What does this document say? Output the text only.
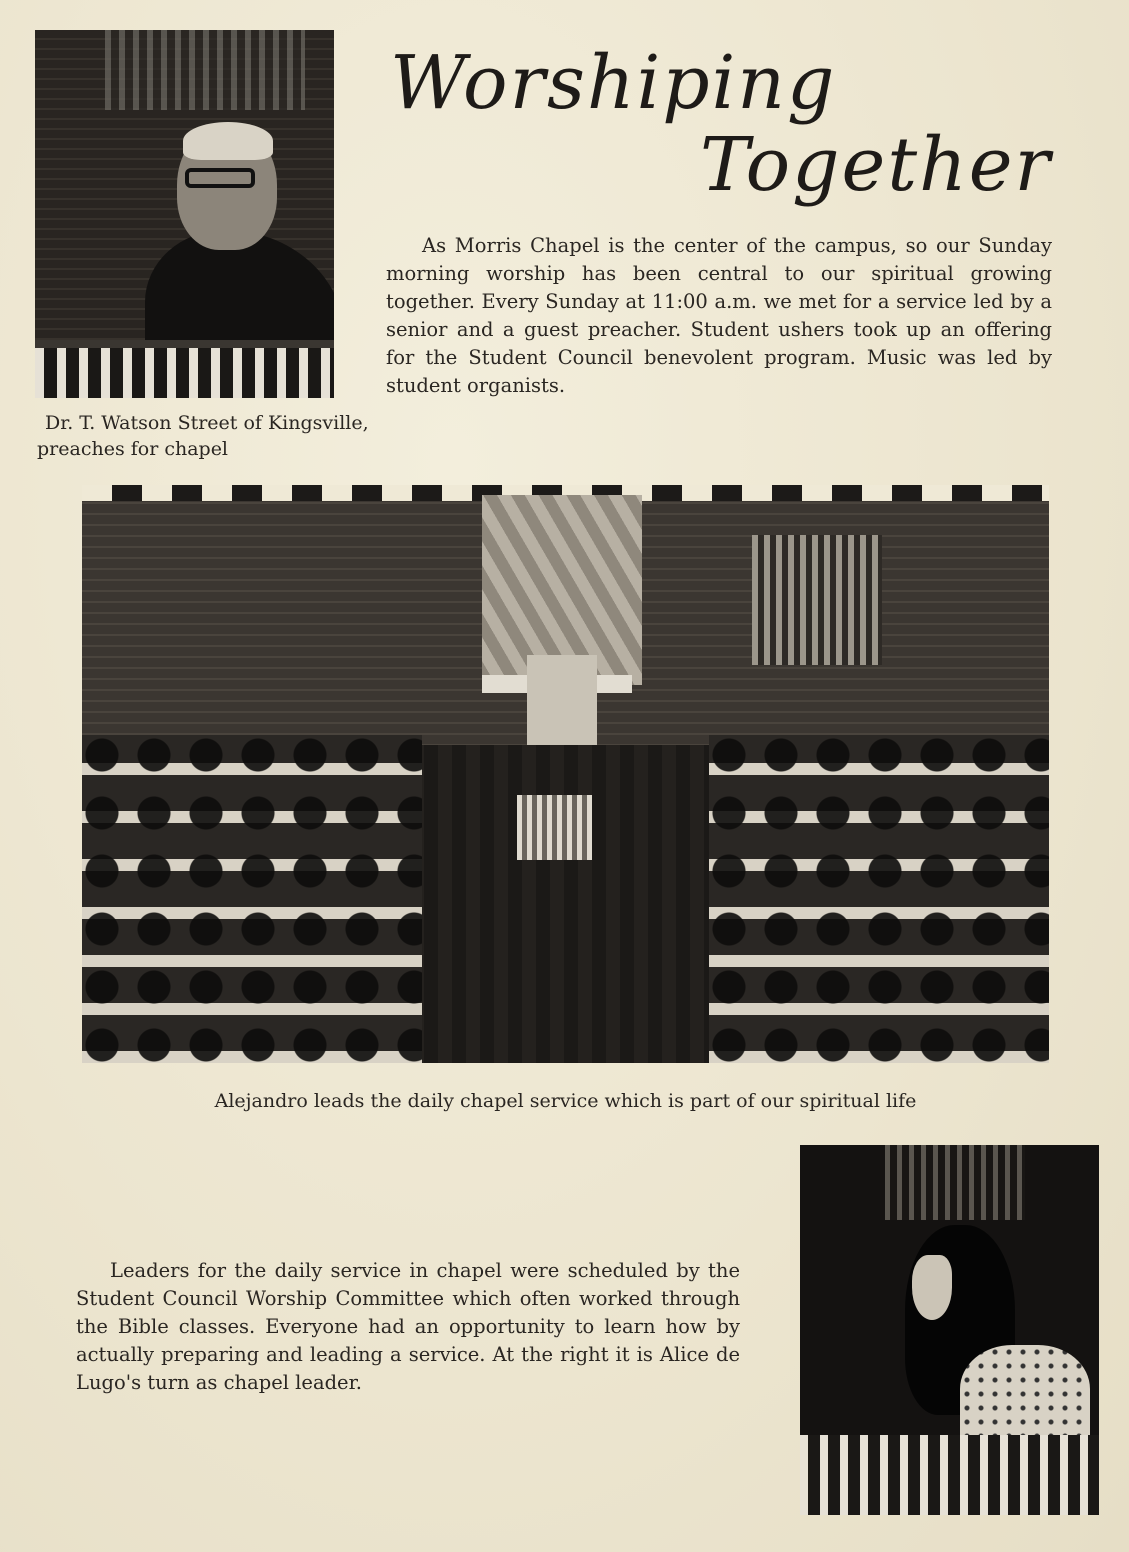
Dr. T. Watson Street of Kingsville, preaches for chapel

Worshiping
Together

As Morris Chapel is the center of the campus, so our Sunday morning worship has been central to our spiritual growing together. Every Sunday at 11:00 a.m. we met for a service led by a senior and a guest preacher. Student ushers took up an offering for the Student Council benevolent program. Music was led by student organists.

Alejandro leads the daily chapel service which is part of our spiritual life

Leaders for the daily service in chapel were scheduled by the Student Council Worship Committee which often worked through the Bible classes. Everyone had an opportunity to learn how by actually preparing and leading a service. At the right it is Alice de Lugo's turn as chapel leader.
